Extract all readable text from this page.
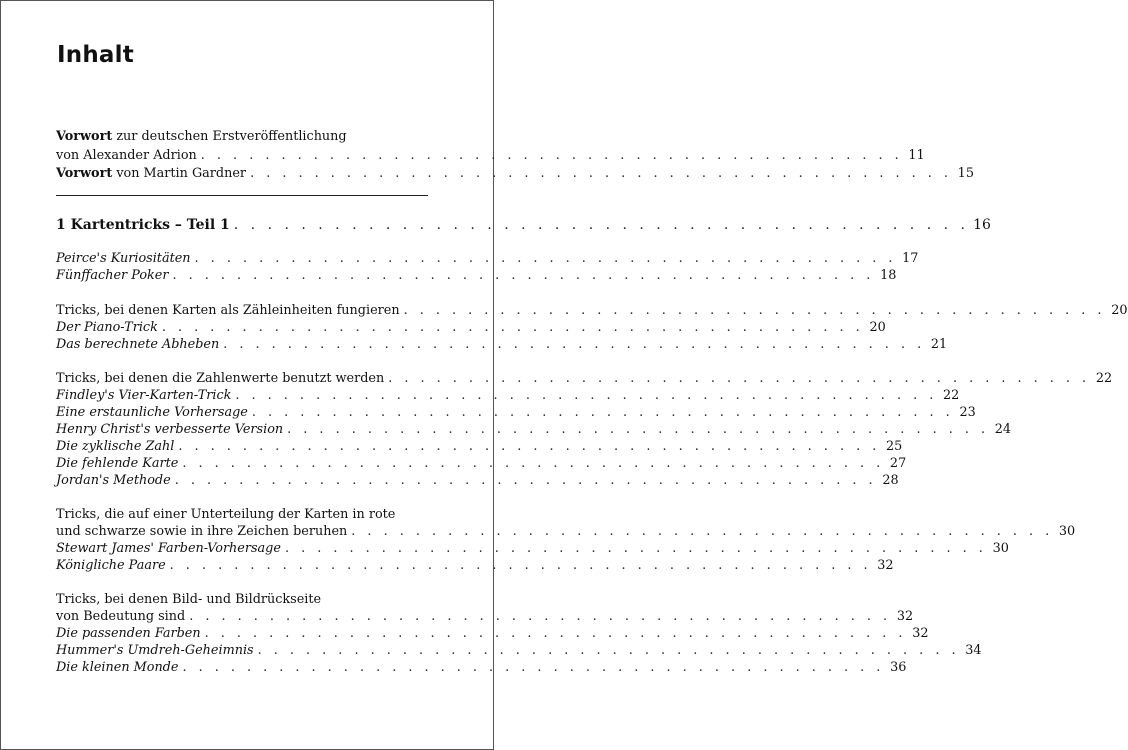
Inhalt
Vorwort zur deutschen Erstveröffentlichung
von Alexander Adrion . . . . . . . . . . . . . . . . . . . . . . . . . . . . . . . . . . . . . . . . . . . . 11
Vorwort von Martin Gardner . . . . . . . . . . . . . . . . . . . . . . . . . . . . . . . . . . . . . . . . . . . . 15
1 Kartentricks – Teil 1 . . . . . . . . . . . . . . . . . . . . . . . . . . . . . . . . . . . . . . . . . . . . 16
Peirce's Kuriositäten . . . . . . . . . . . . . . . . . . . . . . . . . . . . . . . . . . . . . . . . . . . . 17
Fünffacher Poker . . . . . . . . . . . . . . . . . . . . . . . . . . . . . . . . . . . . . . . . . . . . 18
Tricks, bei denen Karten als Zähleinheiten fungieren . . . . . . . . . . . . . . . . . . . . . . . . . . . . . . . . . . . . . . . . . . . . 20
Der Piano-Trick . . . . . . . . . . . . . . . . . . . . . . . . . . . . . . . . . . . . . . . . . . . . 20
Das berechnete Abheben . . . . . . . . . . . . . . . . . . . . . . . . . . . . . . . . . . . . . . . . . . . . 21
Tricks, bei denen die Zahlenwerte benutzt werden . . . . . . . . . . . . . . . . . . . . . . . . . . . . . . . . . . . . . . . . . . . . 22
Findley's Vier-Karten-Trick . . . . . . . . . . . . . . . . . . . . . . . . . . . . . . . . . . . . . . . . . . . . 22
Eine erstaunliche Vorhersage . . . . . . . . . . . . . . . . . . . . . . . . . . . . . . . . . . . . . . . . . . . . 23
Henry Christ's verbesserte Version . . . . . . . . . . . . . . . . . . . . . . . . . . . . . . . . . . . . . . . . . . . . 24
Die zyklische Zahl . . . . . . . . . . . . . . . . . . . . . . . . . . . . . . . . . . . . . . . . . . . . 25
Die fehlende Karte . . . . . . . . . . . . . . . . . . . . . . . . . . . . . . . . . . . . . . . . . . . . 27
Jordan's Methode . . . . . . . . . . . . . . . . . . . . . . . . . . . . . . . . . . . . . . . . . . . . 28
Tricks, die auf einer Unterteilung der Karten in rote
und schwarze sowie in ihre Zeichen beruhen . . . . . . . . . . . . . . . . . . . . . . . . . . . . . . . . . . . . . . . . . . . . 30
Stewart James' Farben-Vorhersage . . . . . . . . . . . . . . . . . . . . . . . . . . . . . . . . . . . . . . . . . . . . 30
Königliche Paare . . . . . . . . . . . . . . . . . . . . . . . . . . . . . . . . . . . . . . . . . . . . 32
Tricks, bei denen Bild- und Bildrückseite
von Bedeutung sind . . . . . . . . . . . . . . . . . . . . . . . . . . . . . . . . . . . . . . . . . . . . 32
Die passenden Farben . . . . . . . . . . . . . . . . . . . . . . . . . . . . . . . . . . . . . . . . . . . . 32
Hummer's Umdreh-Geheimnis . . . . . . . . . . . . . . . . . . . . . . . . . . . . . . . . . . . . . . . . . . . . 34
Die kleinen Monde . . . . . . . . . . . . . . . . . . . . . . . . . . . . . . . . . . . . . . . . . . . . 36
